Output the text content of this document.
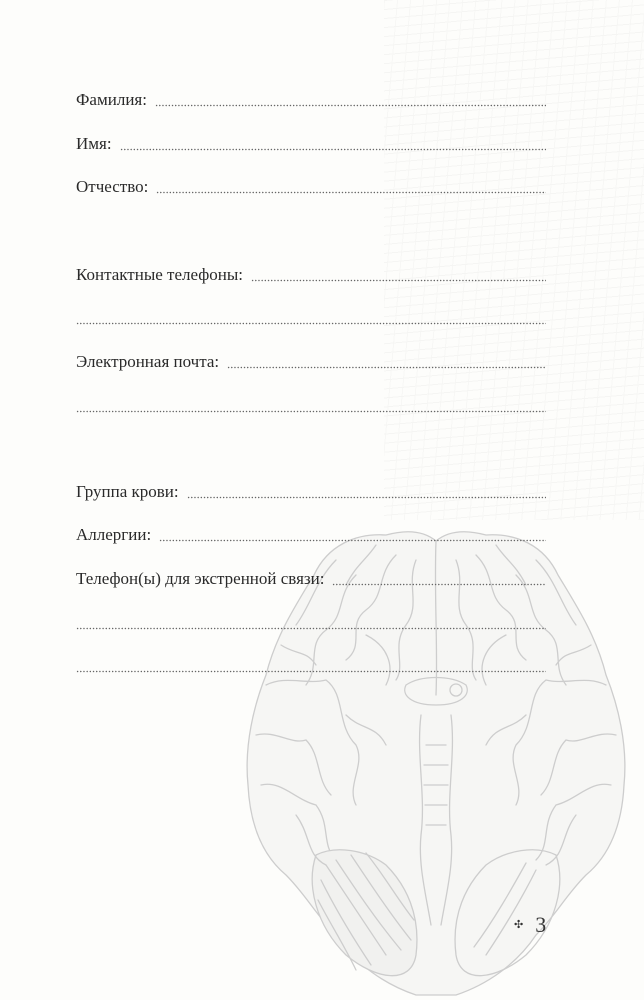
Фамилия:
Имя:
Отчество:
Контактные телефоны:
Электронная почта:
Группа крови:
Аллергии:
Телефон(ы) для экстренной связи:
✣ 3
